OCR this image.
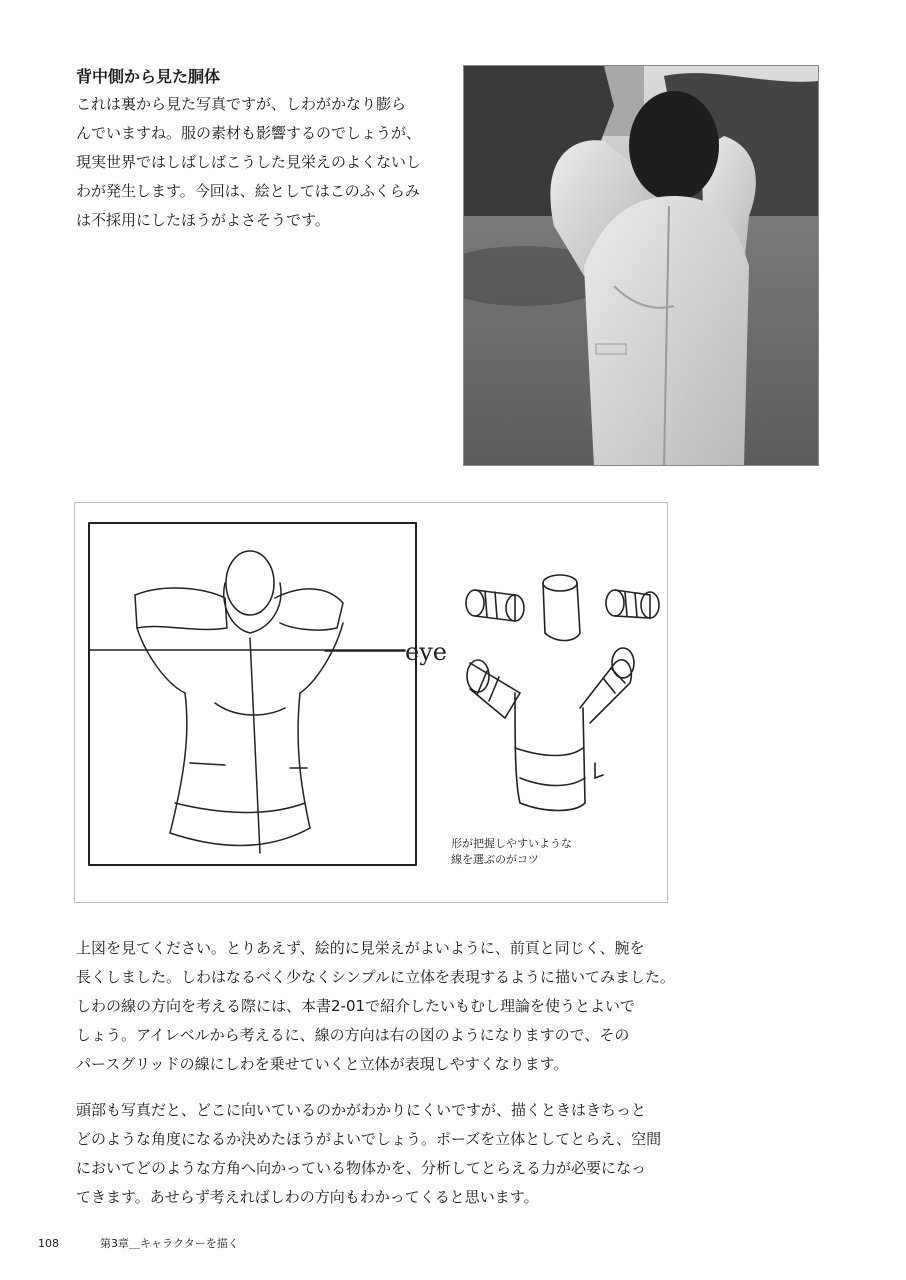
背中側から見た胴体

これは裏から見た写真ですが、しわがかなり膨ら

んでいますね。服の素材も影響するのでしょうが、

現実世界ではしばしばこうした見栄えのよくないし

わが発生します。今回は、絵としてはこのふくらみ

は不採用にしたほうがよさそうです。

eye
形が把握しやすいような
線を選ぶのがコツ

上図を見てください。とりあえず、絵的に見栄えがよいように、前頁と同じく、腕を

長くしました。しわはなるべく少なくシンプルに立体を表現するように描いてみました。

しわの線の方向を考える際には、本書2-01で紹介したいもむし理論を使うとよいで

しょう。アイレベルから考えるに、線の方向は右の図のようになりますので、その

パースグリッドの線にしわを乗せていくと立体が表現しやすくなります。

頭部も写真だと、どこに向いているのかがわかりにくいですが、描くときはきちっと

どのような角度になるか決めたほうがよいでしょう。ポーズを立体としてとらえ、空間

においてどのような方角へ向かっている物体かを、分析してとらえる力が必要になっ

てきます。あせらず考えればしわの方向もわかってくると思います。

108	第3章＿キャラクターを描く
